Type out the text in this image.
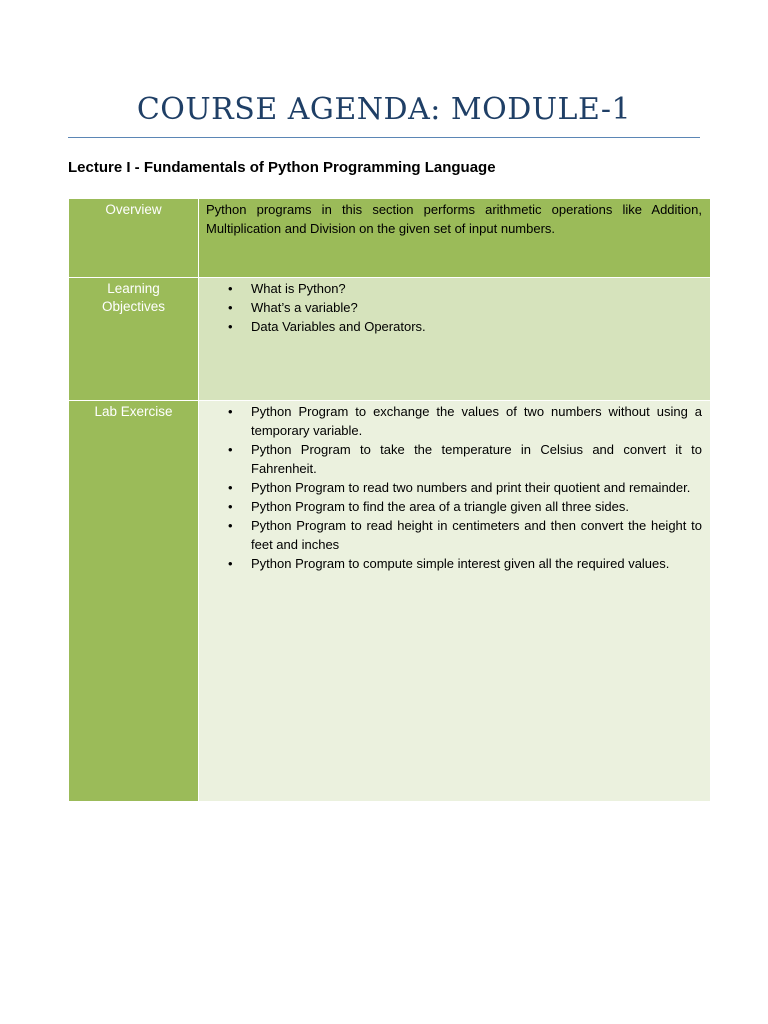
COURSE AGENDA: MODULE-1
Lecture I - Fundamentals of Python Programming Language
Overview	Python programs in this section performs arithmetic operations like Addition, Multiplication and Division on the given set of input numbers.

Learning
Objectives
• What is Python?
• What’s a variable?
• Data Variables and Operators.
Lab Exercise
•	Python Program to exchange the values of two numbers without using a temporary variable.
• Python Program to take the temperature in Celsius and convert it to Fahrenheit.
• Python Program to read two numbers and print their quotient and remainder.
• Python Program to find the area of a triangle given all three sides.
• Python Program to read height in centimeters and then convert the height to feet and inches
• Python Program to compute simple interest given all the required values.
